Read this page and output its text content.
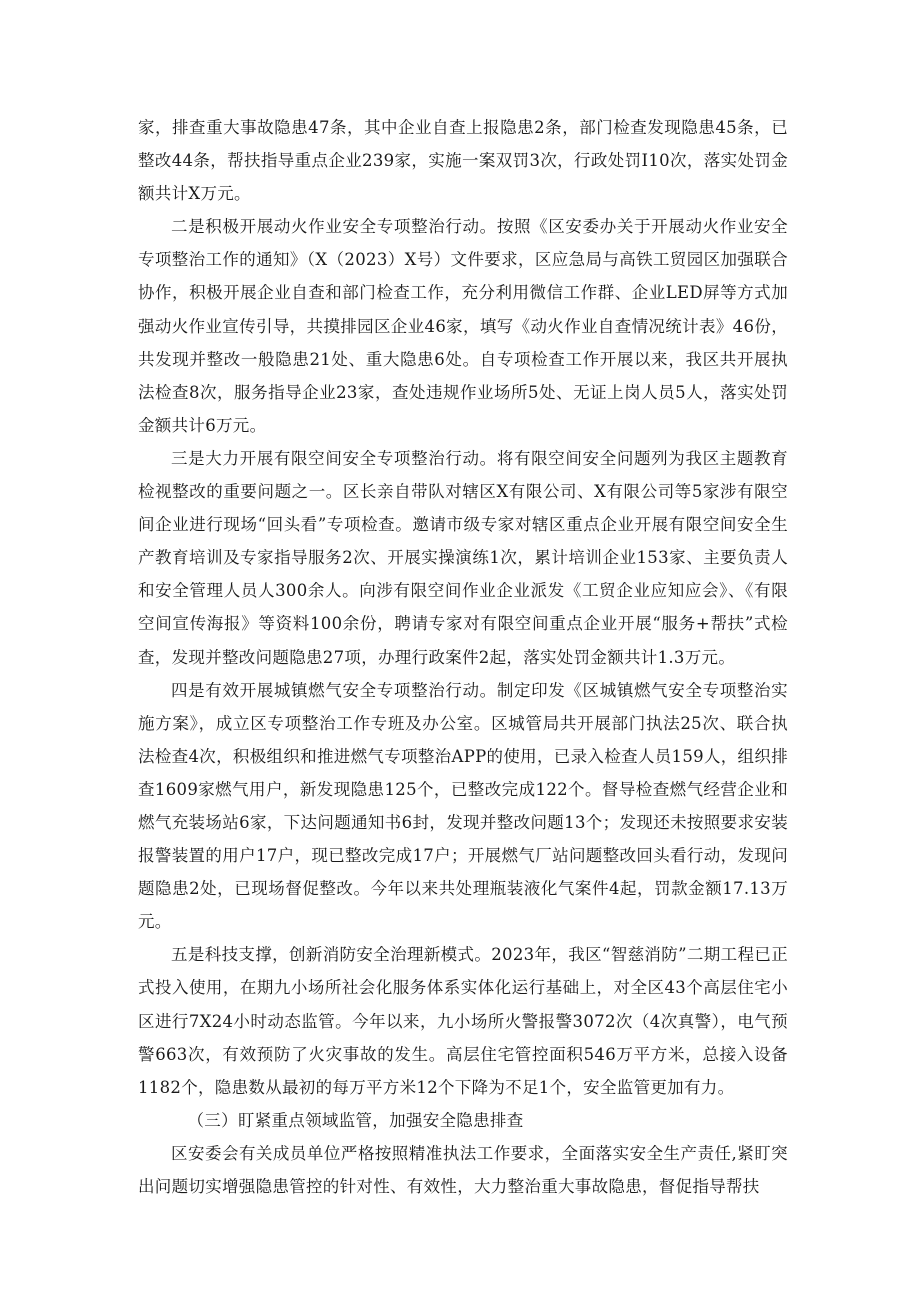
家，排查重大事故隐患47条，其中企业自查上报隐患2条，部门检查发现隐患45条，已整改44条，帮扶指导重点企业239家，实施一案双罚3次，行政处罚I10次，落实处罚金额共计X万元。

二是积极开展动火作业安全专项整治行动。按照《区安委办关于开展动火作业安全专项整治工作的通知》（X（2023）X号）文件要求，区应急局与高铁工贸园区加强联合协作，积极开展企业自查和部门检查工作，充分利用微信工作群、企业LED屏等方式加强动火作业宣传引导，共摸排园区企业46家，填写《动火作业自查情况统计表》46份，共发现并整改一般隐患21处、重大隐患6处。自专项检查工作开展以来，我区共开展执法检查8次，服务指导企业23家，查处违规作业场所5处、无证上岗人员5人，落实处罚金额共计6万元。

三是大力开展有限空间安全专项整治行动。将有限空间安全问题列为我区主题教育检视整改的重要问题之一。区长亲自带队对辖区X有限公司、X有限公司等5家涉有限空间企业进行现场“回头看”专项检查。邀请市级专家对辖区重点企业开展有限空间安全生产教育培训及专家指导服务2次、开展实操演练1次，累计培训企业153家、主要负责人和安全管理人员人300余人。向涉有限空间作业企业派发《工贸企业应知应会》、《有限空间宣传海报》等资料100余份，聘请专家对有限空间重点企业开展“服务+帮扶”式检查，发现并整改问题隐患27项，办理行政案件2起，落实处罚金额共计1.3万元。

四是有效开展城镇燃气安全专项整治行动。制定印发《区城镇燃气安全专项整治实施方案》，成立区专项整治工作专班及办公室。区城管局共开展部门执法25次、联合执法检查4次，积极组织和推进燃气专项整治APP的使用，已录入检查人员159人，组织排查1609家燃气用户，新发现隐患125个，已整改完成122个。督导检查燃气经营企业和燃气充装场站6家，下达问题通知书6封，发现并整改问题13个；发现还未按照要求安装报警装置的用户17户，现已整改完成17户；开展燃气厂站问题整改回头看行动，发现问题隐患2处，已现场督促整改。今年以来共处理瓶装液化气案件4起，罚款金额17.13万元。

五是科技支撑，创新消防安全治理新模式。2023年，我区“智慈消防”二期工程已正式投入使用，在期九小场所社会化服务体系实体化运行基础上，对全区43个高层住宅小区进行7X24小时动态监管。今年以来，九小场所火警报警3072次（4次真警），电气预警663次，有效预防了火灾事故的发生。高层住宅管控面积546万平方米，总接入设备1182个，隐患数从最初的每万平方米12个下降为不足1个，安全监管更加有力。

（三）盯紧重点领域监管，加强安全隐患排查

区安委会有关成员单位严格按照精准执法工作要求，全面落实安全生产责任,紧盯突出问题切实增强隐患管控的针对性、有效性，大力整治重大事故隐患，督促指导帮扶
